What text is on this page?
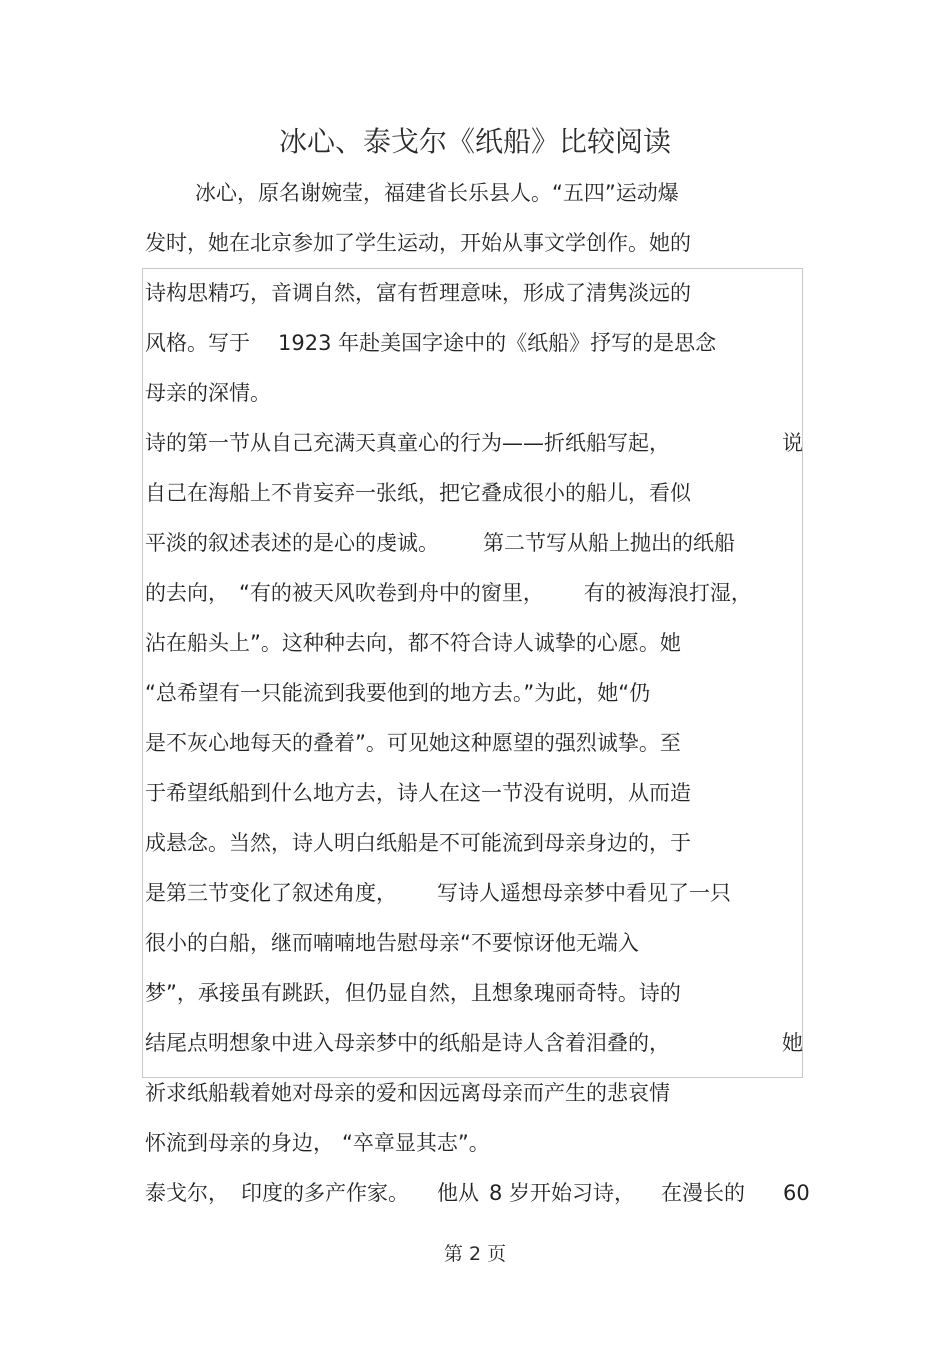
冰心、泰戈尔《纸船》比较阅读
冰心，原名谢婉莹，福建省长乐县人。“五四”运动爆
发时，她在北京参加了学生运动，开始从事文学创作。她的
诗构思精巧，音调自然，富有哲理意味，形成了清隽淡远的
风格。写于 1923 年赴美国字途中的《纸船》抒写的是思念
母亲的深情。
诗的第一节从自己充满天真童心的行为——折纸船写起，	说
自己在海船上不肯妄弃一张纸，把它叠成很小的船儿，看似
平淡的叙述表述的是心的虔诚。 第二节写从船上抛出的纸船
的去向， “有的被天风吹卷到舟中的窗里， 有的被海浪打湿，
沾在船头上”。这种种去向，都不符合诗人诚挚的心愿。她
“总希望有一只能流到我要他到的地方去。”为此，她“仍
是不灰心地每天的叠着”。可见她这种愿望的强烈诚挚。至
于希望纸船到什么地方去，诗人在这一节没有说明，从而造
成悬念。当然，诗人明白纸船是不可能流到母亲身边的，于
是第三节变化了叙述角度， 写诗人遥想母亲梦中看见了一只
很小的白船，继而喃喃地告慰母亲“不要惊讶他无端入
梦”，承接虽有跳跃，但仍显自然，且想象瑰丽奇特。诗的
结尾点明想象中进入母亲梦中的纸船是诗人含着泪叠的，	她
祈求纸船载着她对母亲的爱和因远离母亲而产生的悲哀情
怀流到母亲的身边， “卒章显其志”。
泰戈尔， 印度的多产作家。 他从 8 岁开始习诗， 在漫长的 60
第 2 页
